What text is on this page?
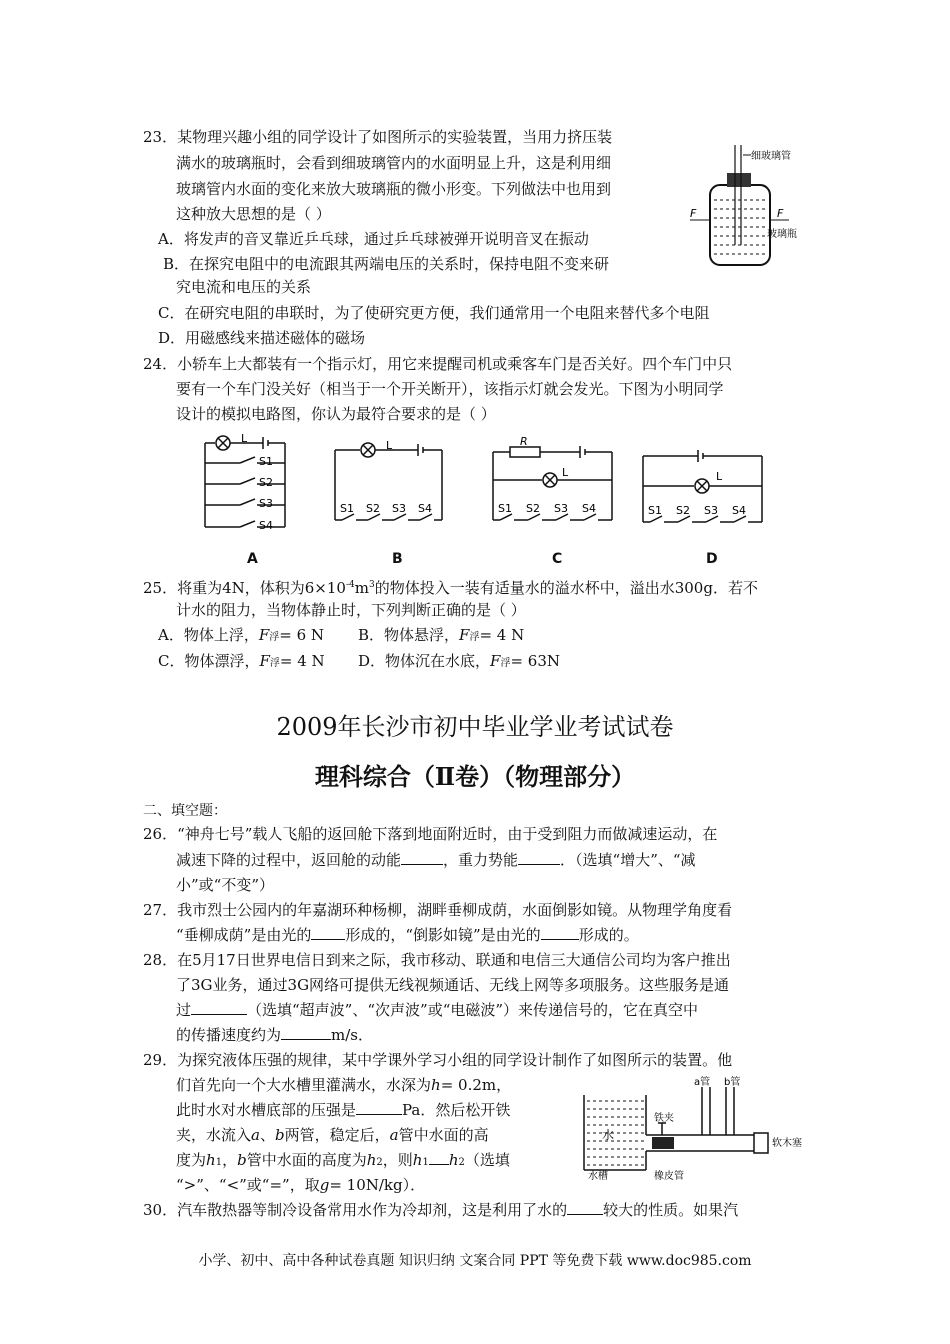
23．某物理兴趣小组的同学设计了如图所示的实验装置，当用力挤压装
满水的玻璃瓶时，会看到细玻璃管内的水面明显上升，这是利用细
玻璃管内水面的变化来放大玻璃瓶的微小形变。下列做法中也用到
这种放大思想的是（ ）
A．将发声的音叉靠近乒乓球，通过乒乓球被弹开说明音叉在振动
B．在探究电阻中的电流跟其两端电压的关系时，保持电阻不变来研
究电流和电压的关系
C．在研究电阻的串联时，为了使研究更方便，我们通常用一个电阻来替代多个电阻
D．用磁感线来描述磁体的磁场
细玻璃管
F	F
玻璃瓶
24．小轿车上大都装有一个指示灯，用它来提醒司机或乘客车门是否关好。四个车门中只
要有一个车门没关好（相当于一个开关断开），该指示灯就会发光。下图为小明同学
设计的模拟电路图，你认为最符合要求的是（ ）
L
S1
S2
S3
S4
A
L
S1 S2 S3 S4
B
R
L
S1 S2 S3 S4
C
L
S1 S2 S3 S4
D
25．将重为4N，体积为$6\times 10^{-4}m^3$的物体投入一装有适量水的溢水杯中，溢出水300g．若不
计水的阻力，当物体静止时，下列判断正确的是（ ）
A．物体上浮，F浮= 6 N B．物体悬浮，F浮= 4 N
C．物体漂浮，F浮= 4 N D．物体沉在水底，F浮= 63N
2009年长沙市初中毕业学业考试试卷
理科综合（Ⅱ卷）（物理部分）
二、填空题：
26．“神舟七号”载人飞船的返回舱下落到地面附近时，由于受到阻力而做减速运动，在
减速下降的过程中，返回舱的动能	，重力势能	．（选填“增大”、“减
小”或“不变”）
27．我市烈士公园内的年嘉湖环种杨柳，湖畔垂柳成荫，水面倒影如镜。从物理学角度看
“垂柳成荫”是由光的 形成的，“倒影如镜”是由光的	形成的。
28．在5月17日世界电信日到来之际，我市移动、联通和电信三大通信公司均为客户推出
了3G业务，通过3G网络可提供无线视频通话、无线上网等多项服务。这些服务是通
过	（选填“超声波”、“次声波”或“电磁波”）来传递信号的，它在真空中
的传播速度约为	m/s．
29．为探究液体压强的规律，某中学课外学习小组的同学设计制作了如图所示的装置。他
们首先向一个大水槽里灌满水，水深为h= 0.2m，
此时水对水槽底部的压强是	Pa．然后松开铁
夹，水流入a、b两管，稳定后，a管中水面的高
度为h1，b管中水面的高度为h2，则h1 h2（选填
“>”、“<”或“=”，取g= 10N/kg）．
水
水槽	橡皮管
铁夹
a管 b管
软木塞
30．汽车散热器等制冷设备常用水作为冷却剂，这是利用了水的 较大的性质。如果汽
小学、初中、高中各种试卷真题 知识归纳 文案合同 PPT 等免费下载 www.doc985.com
